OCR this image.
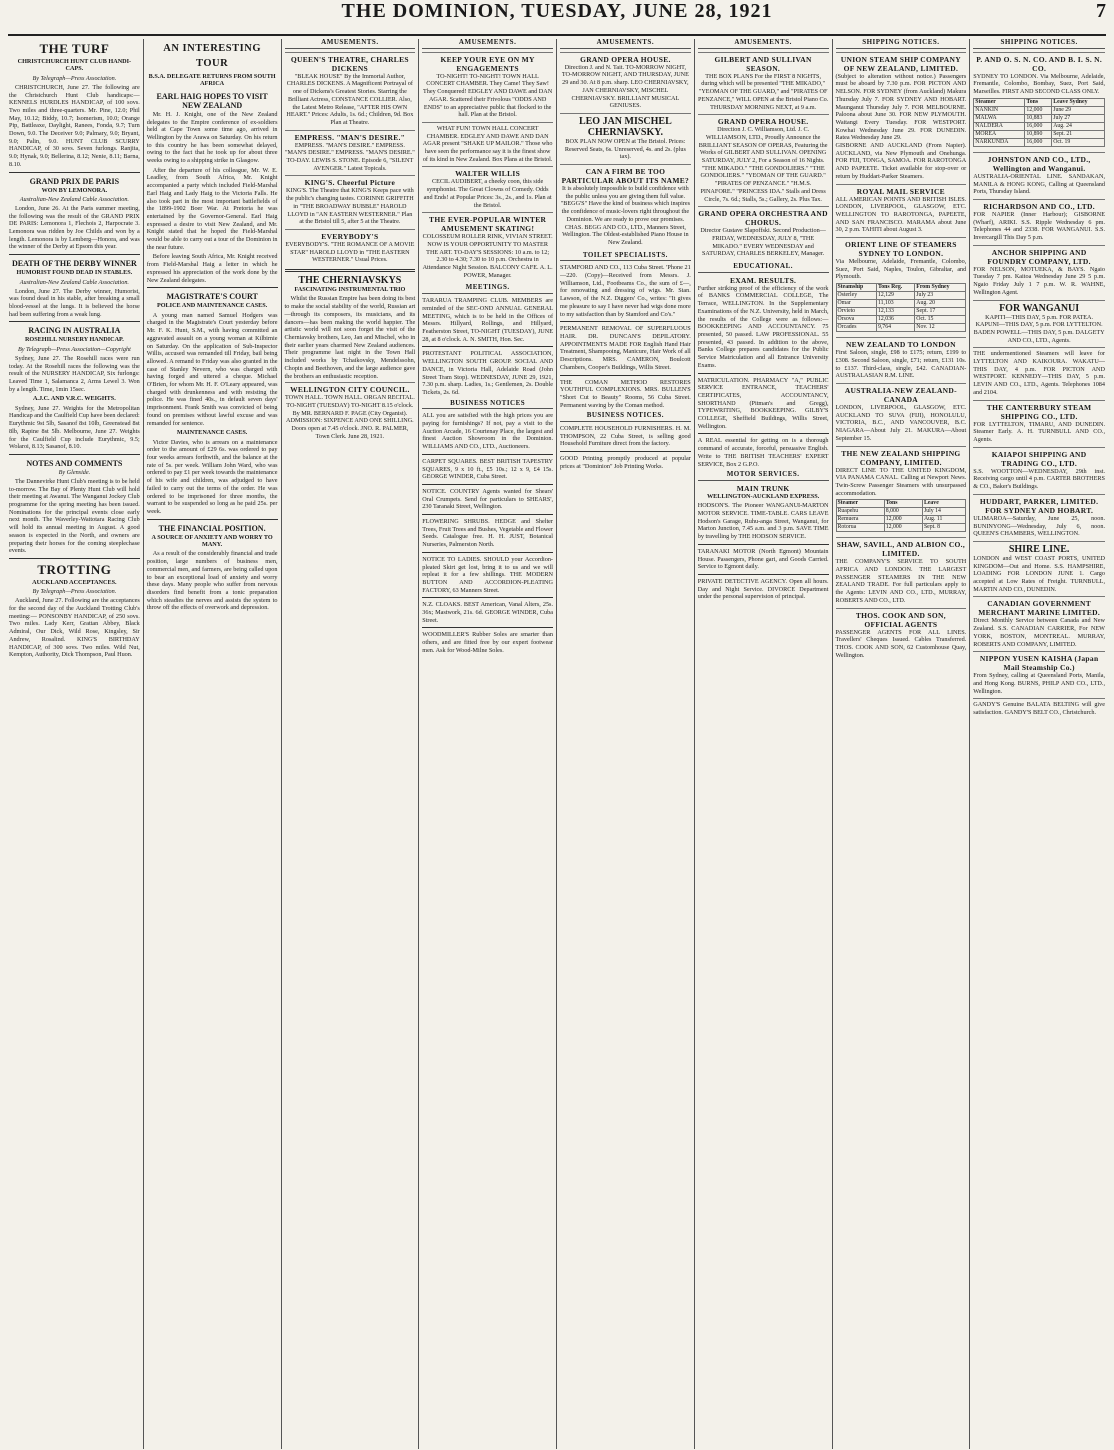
THE DOMINION, TUESDAY, JUNE 28, 1921	7
THE TURF
CHRISTCHURCH HUNT CLUB HANDI-CAPS.
By Telegraph—Press Association.

CHRISTCHURCH, June 27. The following are the Christchurch Hunt Club handicaps:— KENNELS HURDLES HANDICAP, of 100 sovs. Two miles and three-quarters. Mr. Pine, 12.0; Phil May, 10.12; Biddy, 10.7; Isomerism, 10.0; Orange Pip, Battleaxe, Daylight, Ranees, Fonda, 9.7; Turn Down, 9.0. The Deceiver 9.0; Palmary, 9.0; Bryant, 9.0; Palin, 9.0. HUNT CLUB SCURRY HANDICAP, of 30 sovs. Seven furlongs. Ranjita, 9.0; Hynak, 9.0; Bellerina, 8.12; Nenie, 8.11; Barna, 8.10.

GRAND PRIX DE PARIS
WON BY LEMONORA.
Australian-New Zealand Cable Association.

London, June 26. At the Paris summer meeting, the following was the result of the GRAND PRIX DE PARIS: Lemonora 1, Flechois 2, Harpocrate 3. Lemonora was ridden by Joe Childs and won by a length. Lemonora is by Lemberg—Honora, and was the winner of the Derby at Epsom this year.

DEATH OF THE DERBY WINNER
HUMORIST FOUND DEAD IN STABLES.
Australian-New Zealand Cable Association.

London, June 27. The Derby winner, Humorist, was found dead in his stable, after breaking a small blood-vessel at the lungs. It is believed the horse had been suffering from a weak lung.

RACING IN AUSTRALIA
ROSEHILL NURSERY HANDICAP.
By Telegraph—Press Association—Copyright

Sydney, June 27. The Rosehill races were run today. At the Rosehill races the following was the result of the NURSERY HANDICAP, Six furlongs: Leaved Time 1, Salamanca 2, Arms Lewel 3. Won by a length. Time, 1min 15sec.

A.J.C. AND V.R.C. WEIGHTS.

Sydney, June 27. Weights for the Metropolitan Handicap and the Caulfield Cup have been declared: Eurythmic 9st 5lb, Sasanof 8st 10lb, Greenstead 8st 8lb, Rapine 8st 5lb. Melbourne, June 27. Weights for the Caulfield Cup include Eurythmic, 9.5; Wolaroi, 8.13; Sasanof, 8.10.

NOTES AND COMMENTS
By Glenside.

The Dannevirke Hunt Club's meeting is to be held to-morrow. The Bay of Plenty Hunt Club will hold their meeting at Awanui. The Wanganui Jockey Club programme for the spring meeting has been issued. Nominations for the principal events close early next month. The Waverley-Waitotara Racing Club will hold its annual meeting in August. A good season is expected in the North, and owners are preparing their horses for the coming steeplechase events.

TROTTING
AUCKLAND ACCEPTANCES.
By Telegraph—Press Association.

Auckland, June 27. Following are the acceptances for the second day of the Auckland Trotting Club's meeting:— PONSONBY HANDICAP, of 250 sovs. Two miles. Lady Kerr, Grattan Abbey, Black Admiral, Our Dick, Wild Rose, Kingsley, Sir Andrew, Rosalind. KING'S BIRTHDAY HANDICAP, of 300 sovs. Two miles. Wild Nut, Kempton, Authority, Dick Thompson, Paul Huon.

AN INTERESTING TOUR
B.S.A. DELEGATE RETURNS FROM SOUTH AFRICA
EARL HAIG HOPES TO VISIT NEW ZEALAND

Mr. H. J. Knight, one of the New Zealand delegates to the Empire conference of ex-soldiers held at Cape Town some time ago, arrived in Wellington by the Arawa on Saturday. On his return to this country he has been somewhat delayed, owing to the fact that he took up for about three weeks owing to a shipping strike in Glasgow.

After the departure of his colleague, Mr. W. E. Leadley, from South Africa, Mr. Knight accompanied a party which included Field-Marshal Earl Haig and Lady Haig to the Victoria Falls. He also took part in the most important battlefields of the 1899-1902 Boer War. At Pretoria he was entertained by the Governor-General. Earl Haig expressed a desire to visit New Zealand, and Mr. Knight stated that he hoped the Field-Marshal would be able to carry out a tour of the Dominion in the near future.

Before leaving South Africa, Mr. Knight received from Field-Marshal Haig a letter in which he expressed his appreciation of the work done by the New Zealand delegates.

MAGISTRATE'S COURT
POLICE AND MAINTENANCE CASES.

A young man named Samuel Hodgers was charged in the Magistrate's Court yesterday before Mr. F. K. Hunt, S.M., with having committed an aggravated assault on a young woman at Kilbirnie on Saturday. On the application of Sub-Inspector Willis, accused was remanded till Friday, bail being allowed. A remand to Friday was also granted in the case of Stanley Nevern, who was charged with having forged and uttered a cheque. Michael O'Brien, for whom Mr. H. F. O'Leary appeared, was charged with drunkenness and with resisting the police. He was fined 40s., in default seven days' imprisonment. Frank Smith was convicted of being found on premises without lawful excuse and was remanded for sentence.

MAINTENANCE CASES.

Victor Davies, who is arrears on a maintenance order to the amount of £29 6s. was ordered to pay four weeks arrears forthwith, and the balance at the rate of 5s. per week. William John Ward, who was ordered to pay £1 per week towards the maintenance of his wife and children, was adjudged to have failed to carry out the terms of the order. He was ordered to be imprisoned for three months, the warrant to be suspended so long as he paid 25s. per week.

THE FINANCIAL POSITION.
A SOURCE OF ANXIETY AND WORRY TO MANY.

As a result of the considerably financial and trade position, large numbers of business men, commercial men, and farmers, are being called upon to bear an exceptional load of anxiety and worry these days. Many people who suffer from nervous disorders find benefit from a tonic preparation which steadies the nerves and assists the system to throw off the effects of overwork and depression.

AMUSEMENTS.
QUEEN'S THEATRE, CHARLES DICKENS

"BLEAK HOUSE" By the Immortal Author, CHARLES DICKENS. A Magnificent Portrayal of one of Dickens's Greatest Stories. Starring the Brilliant Actress, CONSTANCE COLLIER. Also, the Latest Metro Release, "AFTER HIS OWN HEART." Prices: Adults, 1s. 6d.; Children, 9d. Box Plan at Theatre.

EMPRESS. "MAN'S DESIRE."

EMPRESS. "MAN'S DESIRE." EMPRESS. "MAN'S DESIRE." EMPRESS. "MAN'S DESIRE." TO-DAY. LEWIS S. STONE. Episode 6, "SILENT AVENGER." Latest Topicals.

KING'S. Cheerful Picture

KING'S. The Theatre that KING'S Keeps pace with the public's changing tastes. CORINNE GRIFFITH in "THE BROADWAY BUBBLE" HAROLD LLOYD in "AN EASTERN WESTERNER." Plan at the Bristol till 5, after 5 at the Theatre.

EVERYBODY'S

EVERYBODY'S. "THE ROMANCE OF A MOVIE STAR" HAROLD LLOYD in "THE EASTERN WESTERNER." Usual Prices.

THE CHERNIAVSKYS
FASCINATING INSTRUMENTAL TRIO

Whilst the Russian Empire has been doing its best to make the social stability of the world, Russian art—through its composers, its musicians, and its dancers—has been making the world happier. The artistic world will not soon forget the visit of the Cherniavsky brothers, Leo, Jan and Mischel, who in their earlier years charmed New Zealand audiences. Their programme last night in the Town Hall included works by Tchaikovsky, Mendelssohn, Chopin and Beethoven, and the large audience gave the brothers an enthusiastic reception.

WELLINGTON CITY COUNCIL.

TOWN HALL. TOWN HALL. ORGAN RECITAL. TO-NIGHT (TUESDAY) TO-NIGHT 8.15 o'clock. By MR. BERNARD F. PAGE (City Organist). ADMISSION: SIXPENCE AND ONE SHILLING. Doors open at 7.45 o'clock. JNO. R. PALMER, Town Clerk. June 28, 1921.

AMUSEMENTS.
KEEP YOUR EYE ON MY ENGAGEMENTS

TO-NIGHT! TO-NIGHT! TOWN HALL CONCERT CHAMBER. They Came! They Saw! They Conquered! EDGLEY AND DAWE and DAN AGAR. Scattered their Frivolous "ODDS AND ENDS" to an appreciative public that flocked to the hall. Plan at the Bristol.

WHAT FUN! TOWN HALL CONCERT CHAMBER. EDGLEY AND DAWE AND DAN AGAR present "SHAKE UP MAILOR." Those who have seen the performance say it is the finest show of its kind in New Zealand. Box Plans at the Bristol.

WALTER WILLIS

CECIL AUDIBERT, a cheeky coon, this side symphonist. The Great Clowns of Comedy. Odds and Ends! at Popular Prices: 3s., 2s., and 1s. Plan at the Bristol.

THE EVER-POPULAR WINTER AMUSEMENT SKATING!

COLOSSEUM ROLLER RINK, VIVIAN STREET. NOW IS YOUR OPPORTUNITY TO MASTER THE ART. TO-DAY'S SESSIONS: 10 a.m. to 12; 2.30 to 4.30; 7.30 to 10 p.m. Orchestra in Attendance Night Session. BALCONY CAFE. A. L. POWER, Manager.

MEETINGS.

TARARUA TRAMPING CLUB. MEMBERS are reminded of the SEC-OND ANNUAL GENERAL MEETING, which is to be held in the Offices of Messrs. Hillyard, Rollings, and Hillyard, Featherston Street, TO-NIGHT (TUESDAY), JUNE 28, at 8 o'clock. A. N. SMITH, Hon. Sec.

PROTESTANT POLITICAL ASSOCIATION, WELLINGTON SOUTH GROUP. SOCIAL AND DANCE, in Victoria Hall, Adelaide Road (John Street Tram Stop). WEDNESDAY, JUNE 29, 1921, 7.30 p.m. sharp. Ladies, 1s.; Gentlemen, 2s. Double Tickets, 2s. 6d.

BUSINESS NOTICES

ALL you are satisfied with the high prices you are paying for furnishings? If not, pay a visit to the Auction Arcade, 16 Courtenay Place, the largest and finest Auction Showroom in the Dominion. WILLIAMS AND CO., LTD., Auctioneers.

CARPET SQUARES. BEST BRITISH TAPESTRY SQUARES, 9 x 10 ft., £5 10s.; 12 x 9, £4 15s. GEORGE WINDER, Cuba Street.

NOTICE. COUNTRY Agents wanted for Shears' Oral Crumpets. Send for particulars to SHEARS', 230 Taranaki Street, Wellington.

FLOWERING SHRUBS. HEDGE and Shelter Trees, Fruit Trees and Bushes, Vegetable and Flower Seeds. Catalogue free. H. H. JUST, Botanical Nurseries, Palmerston North.

NOTICE TO LADIES. SHOULD your Accordion-pleated Skirt get lost, bring it to us and we will repleat it for a few shillings. THE MODERN BUTTON AND ACCORDION-PLEATING FACTORY, 63 Manners Street.

N.Z. CLOAKS. BEST American, Vanal Alters, 25s. 36x; Mastwork, 21s. 6d. GEORGE WINDER, Cuba Street.

WOODMILLER'S Rubber Soles are smarter than others, and are fitted free by our expert footwear men. Ask for Wood-Milne Soles.

AMUSEMENTS.
GRAND OPERA HOUSE.

Direction J. and N. Tait. TO-MORROW NIGHT, TO-MORROW NIGHT, AND THURSDAY, JUNE 29 and 30. At 8 p.m. sharp. LEO CHERNIAVSKY, JAN CHERNIAVSKY, MISCHEL CHERNIAVSKY. BRILLIANT MUSICAL GENIUSES.

LEO JAN MISCHEL CHERNIAVSKY.

BOX PLAN NOW OPEN at The Bristol. Prices: Reserved Seats, 6s. Unreserved, 4s. and 2s. (plus tax).

CAN A FIRM BE TOO PARTICULAR ABOUT ITS NAME?

It is absolutely impossible to build confidence with the public unless you are giving them full value. "BEGG'S" Have the kind of business which inspires the confidence of music-lovers right throughout the Dominion. We are ready to prove our promises. CHAS. BEGG AND CO., LTD., Manners Street, Wellington. The Oldest-established Piano House in New Zealand.

TOILET SPECIALISTS.

STAMFORD AND CO., 113 Cuba Street. 'Phone 21—220. (Copy)—Received from Messrs. J. Williamson, Ltd., Footbeams Co., the sum of £—, for renovating and dressing of wigs. Mr. Stan. Lawson, of the N.Z. Diggers' Co., writes: "It gives me pleasure to say I have never had wigs done more to my satisfaction than by Stamford and Co's."

PERMANENT REMOVAL OF SUPERFLUOUS HAIR. DR. DUNCAN'S DEPILATORY. APPOINTMENTS MADE FOR English Hand Hair Treatment, Shampooing, Manicure, Hair Work of all Descriptions. MRS. CAMERON, Boulcott Chambers, Cooper's Buildings, Willis Street.

THE COMAN METHOD RESTORES YOUTHFUL COMPLEXIONS. MRS. BULLEN'S "Short Cut to Beauty" Rooms, 56 Cuba Street. Permanent waving by the Coman method.

BUSINESS NOTICES.

COMPLETE HOUSEHOLD FURNISHERS. H. M. THOMPSON, 22 Cuba Street, is selling good Household Furniture direct from the factory.

GOOD Printing promptly produced at popular prices at "Dominion" Job Printing Works.

AMUSEMENTS.
GILBERT AND SULLIVAN SEASON.

THE BOX PLANS For the FIRST 8 NIGHTS, during which will be presented "THE MIKADO," "YEOMAN OF THE GUARD," and "PIRATES OF PENZANCE," WILL OPEN at the Bristol Piano Co. THURSDAY MORNING NEXT, at 9 a.m.

GRAND OPERA HOUSE.

Direction J. C. Williamson, Ltd. J. C. WILLIAMSON, LTD., Proudly Announce the BRILLIANT SEASON OF OPERAS, Featuring the Works of GILBERT AND SULLIVAN. OPENING SATURDAY, JULY 2, For a Season of 16 Nights.

"THE MIKADO." "THE GONDOLIERS." "THE GONDOLIERS." "YEOMAN OF THE GUARD." "PIRATES OF PENZANCE." "H.M.S. PINAFORE." "PRINCESS IDA." Stalls and Dress Circle, 7s. 6d.; Stalls, 5s.; Gallery, 2s. Plus Tax.

GRAND OPERA ORCHESTRA AND CHORUS.

Director Gustave Slapoffski. Second Production—FRIDAY, WEDNESDAY, JULY 8, "THE MIKADO." EVERY WEDNESDAY and SATURDAY, CHARLES BERKELEY, Manager.

EDUCATIONAL.
EXAM. RESULTS.

Further striking proof of the efficiency of the work of BANKS COMMERCIAL COLLEGE, The Terrace, WELLINGTON. In the Supplementary Examinations of the N.Z. University, held in March, the results of the College were as follows:— BOOKKEEPING AND ACCOUNTANCY. 75 presented, 50 passed. LAW PROFESSIONAL. 55 presented, 43 passed. In addition to the above, Banks College prepares candidates for the Public Service Matriculation and all Entrance University Exams.

MATRICULATION. PHARMACY "A," PUBLIC SERVICE ENTRANCE, TEACHERS' CERTIFICATES, ACCOUNTANCY, SHORTHAND (Pitman's and Gregg), TYPEWRITING, BOOKKEEPING. GILBY'S COLLEGE, Sheffield Buildings, Willis Street, Wellington.

A REAL essential for getting on is a thorough command of accurate, forceful, persuasive English. Write to THE BRITISH TEACHERS' EXPERT SERVICE, Box 2 G.P.O.

MOTOR SERVICES.
MAIN TRUNK
WELLINGTON-AUCKLAND EXPRESS.

HODSON'S. The Pioneer WANGANUI-MARTON MOTOR SERVICE. TIME-TABLE. CARS LEAVE Hodson's Garage, Ruhu-anga Street, Wanganui, for Marton Junction, 7.45 a.m. and 3 p.m. SAVE TIME by travelling by THE HODSON SERVICE.

TARANAKI MOTOR (North Egmont) Mountain House. Passengers, Phone gari, and Goods Carried. Service to Egmont daily.

PRIVATE DETECTIVE AGENCY. Open all hours. Day and Night Service. DIVORCE Department under the personal supervision of principal.

SHIPPING NOTICES.
UNION STEAM SHIP COMPANY OF NEW ZEALAND, LIMITED.

(Subject to alteration without notice.) Passengers must be aboard by 7.30 p.m. FOR PICTON AND NELSON. FOR SYDNEY (from Auckland) Makura Thursday July 7. FOR SYDNEY AND HOBART. Maunganui Thursday July 7. FOR MELBOURNE. Paloona about June 30. FOR NEW PLYMOUTH. Waitangi Every Tuesday. FOR WESTPORT. Kowhai Wednesday June 29. FOR DUNEDIN. Ratea Wednesday June 29.

GISBORNE AND AUCKLAND (From Napier). AUCKLAND, via New Plymouth and Onehunga. FOR FIJI, TONGA, SAMOA. FOR RAROTONGA AND PAPEETE. Ticket available for stop-over or return by Huddart-Parker Steamers.

ROYAL MAIL SERVICE

ALL AMERICAN POINTS AND BRITISH ISLES. LONDON, LIVERPOOL, GLASGOW, ETC. WELLINGTON TO RAROTONGA, PAPEETE, AND SAN FRANCISCO. MARAMA about June 30, 2 p.m. TAHITI about August 3.

ORIENT LINE OF STEAMERS SYDNEY TO LONDON.

Via Melbourne, Adelaide, Fremantle, Colombo, Suez, Port Said, Naples, Toulon, Gibraltar, and Plymouth.

Steamship	Tons Reg.	From Sydney
Osterley	12,129	July 23
Omar	11,103	Aug. 20
Orvieto	12,133	Sept. 17
Orsova	12,036	Oct. 15
Orcades	9,764	Nov. 12
NEW ZEALAND TO LONDON

First Saloon, single, £98 to £175; return, £199 to £308. Second Saloon, single, £71; return, £131 10s. to £137. Third-class, single, £42. CANADIAN-AUSTRALASIAN R.M. LINE.

AUSTRALIA-NEW ZEALAND-CANADA

LONDON, LIVERPOOL, GLASGOW, ETC. AUCKLAND TO SUVA (FIJI), HONOLULU, VICTORIA, B.C., AND VANCOUVER, B.C. NIAGARA—About July 21. MAKURA—About September 15.

THE NEW ZEALAND SHIPPING COMPANY, LIMITED.

DIRECT LINE TO THE UNITED KINGDOM, VIA PANAMA CANAL. Calling at Newport News. Twin-Screw Passenger Steamers with unsurpassed accommodation.

Steamer	Tons	Leave
Ruapehu	8,000	July 14
Remuera	12,000	Aug. 11
Rotorua	12,000	Sept. 8
SHAW, SAVILL, AND ALBION CO., LIMITED.

THE COMPANY'S SERVICE TO SOUTH AFRICA AND LONDON. THE LARGEST PASSENGER STEAMERS IN THE NEW ZEALAND TRADE. For full particulars apply to the Agents: LEVIN AND CO., LTD., MURRAY, ROBERTS AND CO., LTD.

THOS. COOK AND SON, OFFICIAL AGENTS

PASSENGER AGENTS FOR ALL LINES. Travellers' Cheques Issued. Cables Transferred. THOS. COOK AND SON, 62 Customhouse Quay, Wellington.

SHIPPING NOTICES.
P. AND O. S. N. CO. AND B. I. S. N. CO.

SYDNEY TO LONDON. Via Melbourne, Adelaide, Fremantle, Colombo, Bombay, Suez, Port Said, Marseilles. FIRST AND SECOND CLASS ONLY.

Steamer	Tons	Leave Sydney
NANKIN	12,000	June 29
MALWA	10,883	July 27
NALDERA	16,000	Aug. 24
MOREA	10,890	Sept. 21
NARKUNDA	16,000	Oct. 19
JOHNSTON AND CO., LTD., Wellington and Wanganui.

AUSTRALIA-ORIENTAL LINE. SANDAKAN, MANILA & HONG KONG, Calling at Queensland Ports, Thursday Island.

RICHARDSON AND CO., LTD.

FOR NAPIER (Inner Harbour); GISBORNE (Wharf), ARIKI. S.S. Ripple Wednesday 6 pm. Telephones 44 and 2338. FOR WANGANUI. S.S. Invercargill This Day 5 p.m.

ANCHOR SHIPPING AND FOUNDRY COMPANY, LTD.

FOR NELSON, MOTUEKA, & BAYS. Ngaio Tuesday 7 pm. Kaitoa Wednesday June 29 5 p.m. Ngaio Friday July 1 7 p.m. W. R. WAHNE, Wellington Agent.

FOR WANGANUI

KAPITI—THIS DAY, 5 p.m. FOR PATEA. KAPUNI—THIS DAY, 5 p.m. FOR LYTTELTON. BADEN POWELL—THIS DAY, 5 p.m. DALGETY AND CO., LTD., Agents.

THE undermentioned Steamers will leave for LYTTELTON AND KAIKOURA. WAKATU—THIS DAY, 4 p.m. FOR PICTON AND WESTPORT. KENNEDY—THIS DAY, 5 p.m. LEVIN AND CO., LTD., Agents. Telephones 1084 and 2104.

THE CANTERBURY STEAM SHIPPING CO., LTD.

FOR LYTTELTON, TIMARU, AND DUNEDIN. Steamer Early. A. H. TURNBULL AND CO., Agents.

KAIAPOI SHIPPING AND TRADING CO., LTD.

S.S. WOOTTON—WEDNESDAY, 29th inst. Receiving cargo until 4 p.m. CARTER BROTHERS & CO., Baker's Buildings.

HUDDART, PARKER, LIMITED. FOR SYDNEY AND HOBART.

ULIMAROA—Saturday, June 25, noon. BUNINYONG—Wednesday, July 6, noon. QUEEN'S CHAMBERS, WELLINGTON.

SHIRE LINE.

LONDON and WEST COAST PORTS, UNITED KINGDOM—Out and Home. S.S. HAMPSHIRE, LOADING FOR LONDON JUNE 1. Cargo accepted at Low Rates of Freight. TURNBULL, MARTIN AND CO., DUNEDIN.

CANADIAN GOVERNMENT MERCHANT MARINE LIMITED.

Direct Monthly Service between Canada and New Zealand. S.S. CANADIAN CARRIER, For NEW YORK, BOSTON, MONTREAL. MURRAY, ROBERTS AND COMPANY, LIMITED.

NIPPON YUSEN KAISHA (Japan Mail Steamship Co.)

From Sydney, calling at Queensland Ports, Manila, and Hong Kong. BURNS, PHILP AND CO., LTD., Wellington.

GANDY'S Genuine BALATA BELTING will give satisfaction. GANDY'S BELT CO., Christchurch.
